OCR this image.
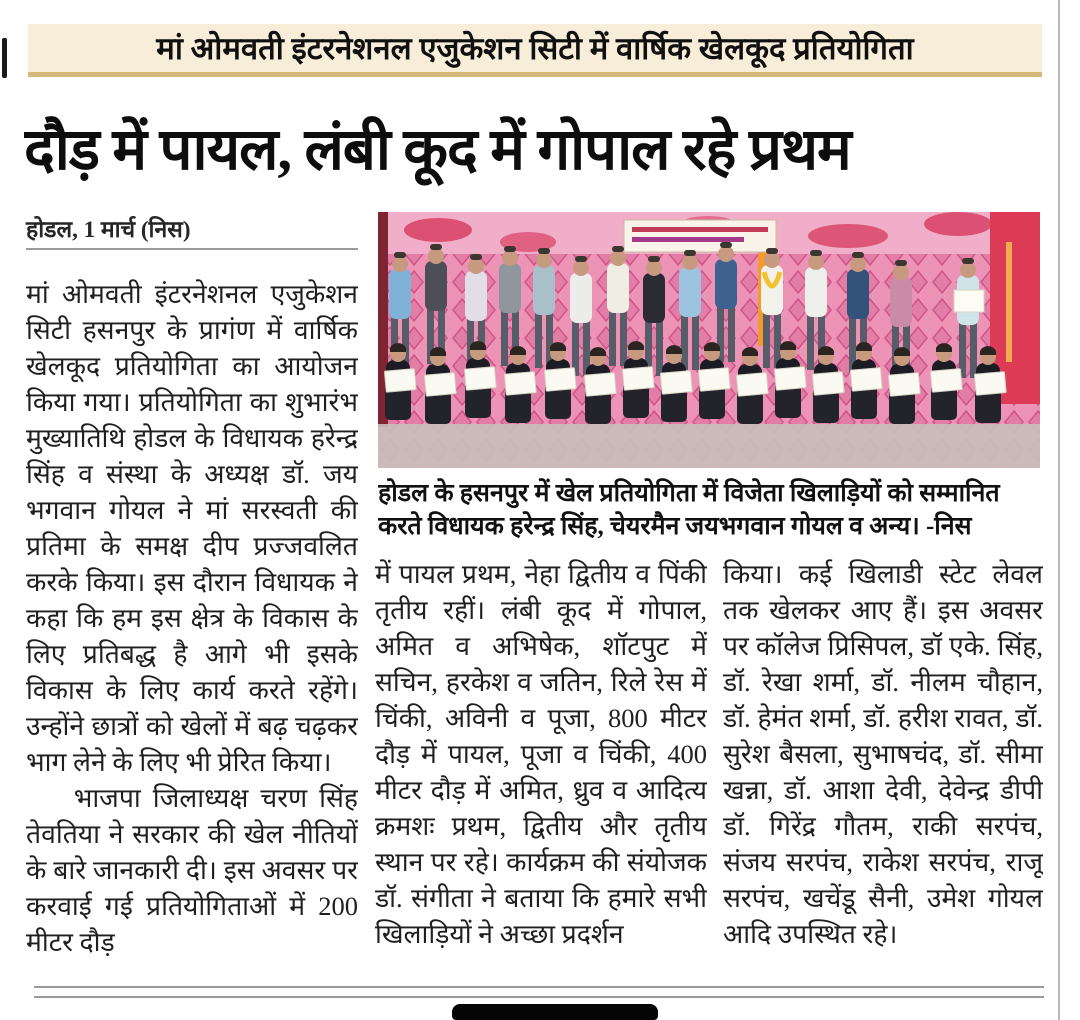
मां ओमवती इंटरनेशनल एजुकेशन सिटी में वार्षिक खेलकूद प्रतियोगिता
दौड़ में पायल, लंबी कूद में गोपाल रहे प्रथम
होडल, 1 मार्च (निस)
होडल के हसनपुर में खेल प्रतियोगिता में विजेता खिलाड़ियों को सम्मानित करते विधायक हरेन्द्र सिंह, चेयरमैन जयभगवान गोयल व अन्य। -निस

मां ओमवती इंटरनेशनल एजुकेशन सिटी हसनपुर के प्रागंण में वार्षिक खेलकूद प्रतियोगिता का आयोजन किया गया। प्रतियोगिता का शुभारंभ मुख्यातिथि होडल के विधायक हरेन्द्र सिंह व संस्था के अध्यक्ष डॉ. जय भगवान गोयल ने मां सरस्वती की प्रतिमा के समक्ष दीप प्रज्जवलित करके किया। इस दौरान विधायक ने कहा कि हम इस क्षेत्र के विकास के लिए प्रतिबद्ध है आगे भी इसके विकास के लिए कार्य करते रहेंगे। उन्होंने छात्रों को खेलों में बढ़ चढ़कर भाग लेने के लिए भी प्रेरित किया।

भाजपा जिलाध्यक्ष चरण सिंह तेवतिया ने सरकार की खेल नीतियों के बारे जानकारी दी। इस अवसर पर करवाई गई प्रतियोगिताओं में 200 मीटर दौड़

में पायल प्रथम, नेहा द्वितीय व पिंकी तृतीय रहीं। लंबी कूद में गोपाल, अमित व अभिषेक, शॉटपुट में सचिन, हरकेश व जतिन, रिले रेस में चिंकी, अविनी व पूजा, 800 मीटर दौड़ में पायल, पूजा व चिंकी, 400 मीटर दौड़ में अमित, ध्रुव व आदित्य क्रमशः प्रथम, द्वितीय और तृतीय स्थान पर रहे। कार्यक्रम की संयोजक डॉ. संगीता ने बताया कि हमारे सभी खिलाड़ियों ने अच्छा प्रदर्शन

किया। कई खिलाडी स्टेट लेवल तक खेलकर आए हैं। इस अवसर पर कॉलेज प्रिसिपल, डॉ एके. सिंह, डॉ. रेखा शर्मा, डॉ. नीलम चौहान, डॉ. हेमंत शर्मा, डॉ. हरीश रावत, डॉ. सुरेश बैसला, सुभाषचंद, डॉ. सीमा खन्ना, डॉ. आशा देवी, देवेन्द्र डीपी डॉ. गिरेंद्र गौतम, राकी सरपंच, संजय सरपंच, राकेश सरपंच, राजू सरपंच, खचेंडू सैनी, उमेश गोयल आदि उपस्थित रहे।
